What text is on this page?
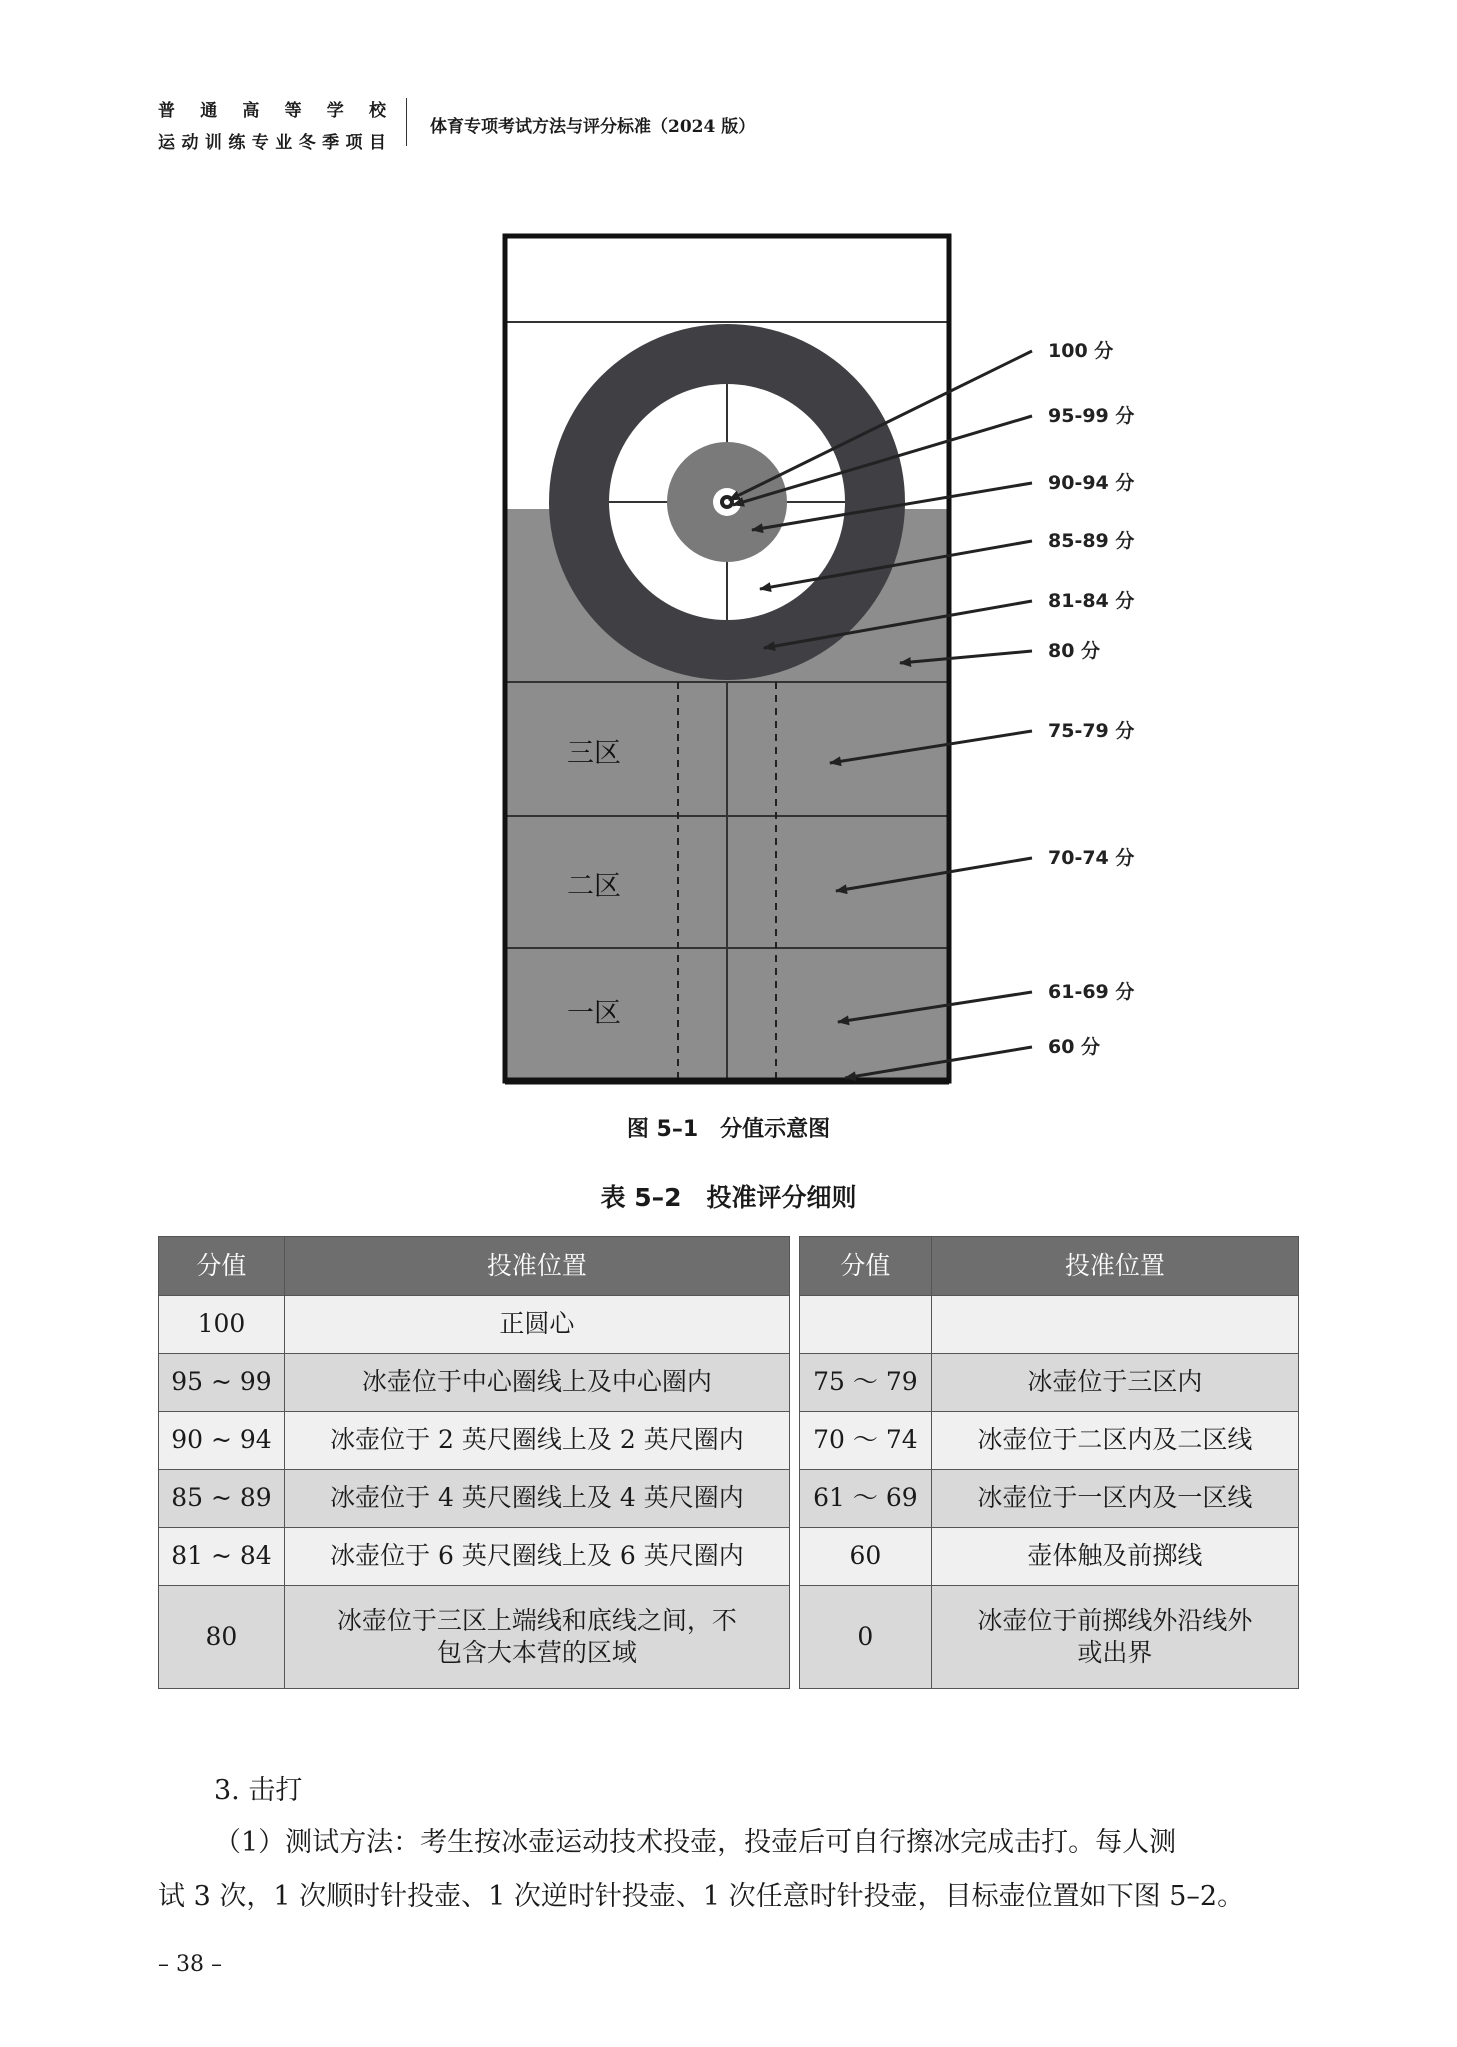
普 通 高 等 学 校
运动训练专业冬季项目
体育专项考试方法与评分标准（2024 版）
三区
二区
一区
100 分
95-99 分
90-94 分
85-89 分
81-84 分
80 分
75-79 分
70-74 分
61-69 分
60 分
图 5–1　分值示意图
表 5–2　投准评分细则
分值	投准位置
100	正圆心
95 ~ 99	冰壶位于中心圈线上及中心圈内
90 ~ 94	冰壶位于 2 英尺圈线上及 2 英尺圈内
85 ~ 89	冰壶位于 4 英尺圈线上及 4 英尺圈内
81 ~ 84	冰壶位于 6 英尺圈线上及 6 英尺圈内
80	冰壶位于三区上端线和底线之间，不包含大本营的区域
分值	投准位置

75 ～ 79	冰壶位于三区内
70 ～ 74	冰壶位于二区内及二区线
61 ～ 69	冰壶位于一区内及一区线
60	壶体触及前掷线
0	冰壶位于前掷线外沿线外或出界
3. 击打
（1）测试方法：考生按冰壶运动技术投壶，投壶后可自行擦冰完成击打。每人测
试 3 次，1 次顺时针投壶、1 次逆时针投壶、1 次任意时针投壶，目标壶位置如下图 5–2。
– 38 –
